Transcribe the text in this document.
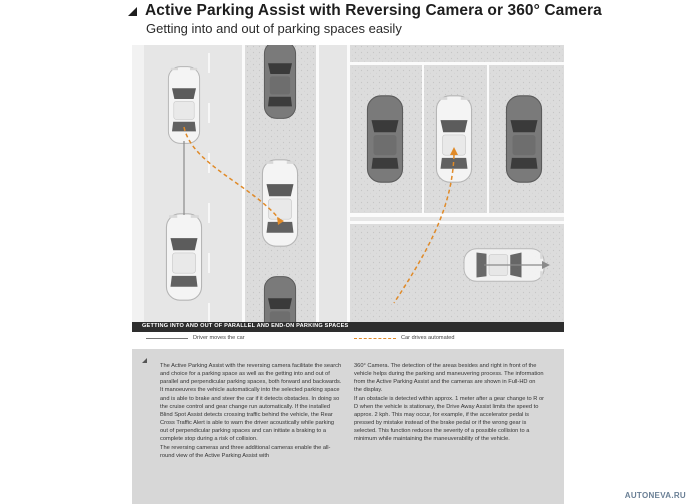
Active Parking Assist with Reversing Camera or 360° Camera
Getting into and out of parking spaces easily
GETTING INTO AND OUT OF PARALLEL AND END-ON PARKING SPACES
Driver moves the car	Car drives automated

The Active Parking Assist with the reversing camera facilitate the search and choice for a parking space as well as the getting into and out of parallel and perpendicular parking spaces, both forward and backwards. It manoeuvres the vehicle automatically into the selected parking space and is able to brake and steer the car if it detects obstacles. In doing so the cruise control and gear change run automatically. If the installed Blind Spot Assist detects crossing traffic behind the vehicle, the Rear Cross Traffic Alert is able to warn the driver acoustically while parking out of perpendicular parking spaces and can initiate a braking to a complete stop during a risk of collision.

The reversing cameras and three additional cameras enable the all-round view of the Active Parking Assist with

360° Camera. The detection of the areas besides and right in front of the vehicle helps during the parking and maneuvering process. The information from the Active Parking Assist and the cameras are shown in Full-HD on the display.

If an obstacle is detected within approx. 1 meter after a gear change to R or D when the vehicle is stationary, the Drive Away Assist limits the speed to approx. 2 kph. This may occur, for example, if the accelerator pedal is pressed by mistake instead of the brake pedal or if the wrong gear is selected. This function reduces the severity of a possible collision to a minimum while maintaining the maneuverability of the vehicle.

AUTONEVA.RU
